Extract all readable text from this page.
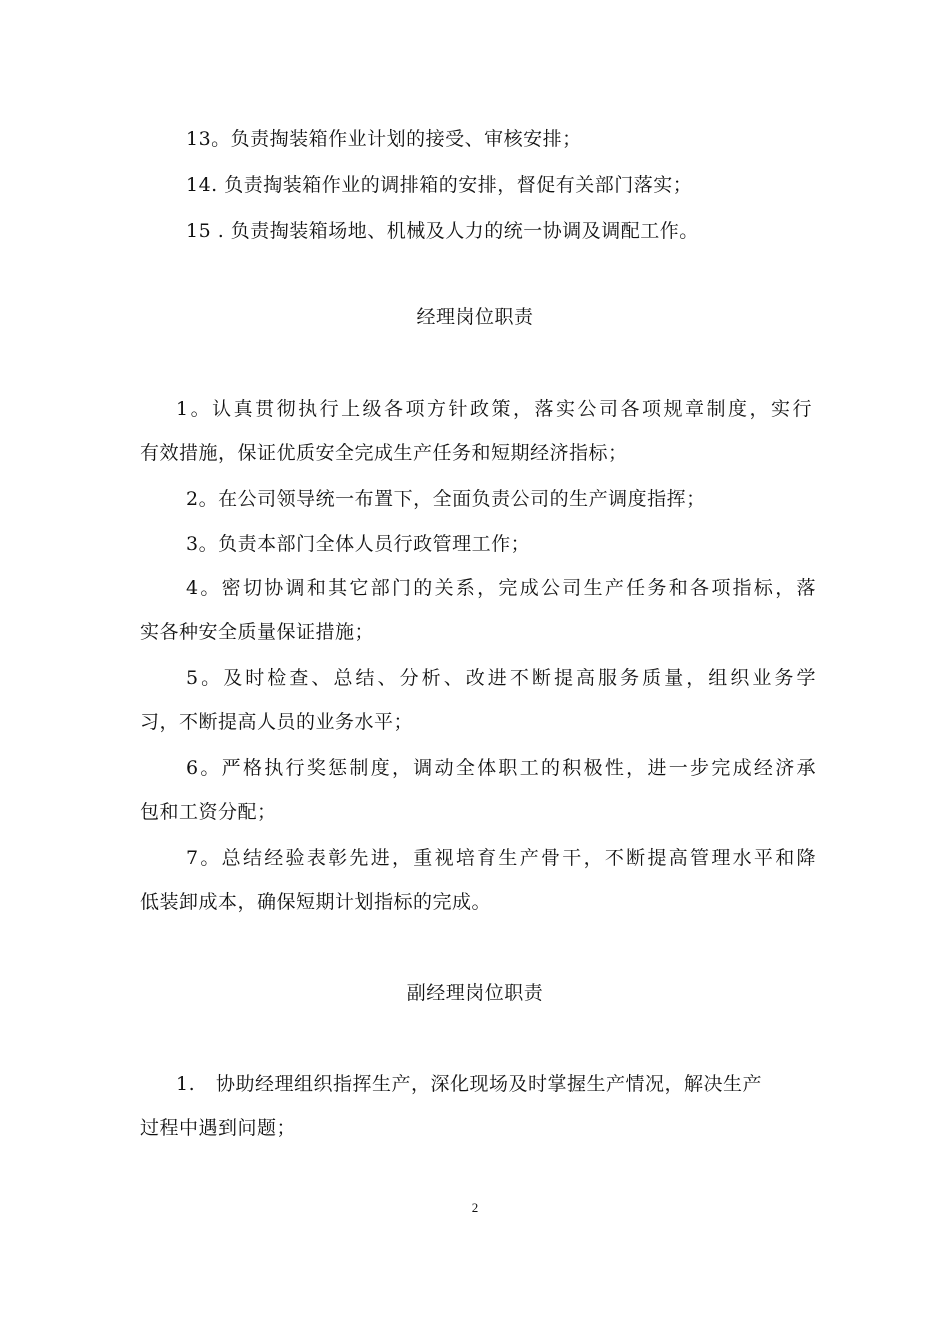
13。负责掏装箱作业计划的接受、审核安排；
14. 负责掏装箱作业的调排箱的安排，督促有关部门落实；
15 . 负责掏装箱场地、机械及人力的统一协调及调配工作。
经理岗位职责
1。认真贯彻执行上级各项方针政策，落实公司各项规章制度，实行
有效措施，保证优质安全完成生产任务和短期经济指标；
2。在公司领导统一布置下，全面负责公司的生产调度指挥；
3。负责本部门全体人员行政管理工作；
4。密切协调和其它部门的关系，完成公司生产任务和各项指标，落
实各种安全质量保证措施；
5。及时检查、总结、分析、改进不断提高服务质量，组织业务学
习，不断提高人员的业务水平；
6。严格执行奖惩制度，调动全体职工的积极性，进一步完成经济承
包和工资分配；
7。总结经验表彰先进，重视培育生产骨干，不断提高管理水平和降
低装卸成本，确保短期计划指标的完成。
副经理岗位职责
1. 协助经理组织指挥生产，深化现场及时掌握生产情况，解决生产
过程中遇到问题；
2
